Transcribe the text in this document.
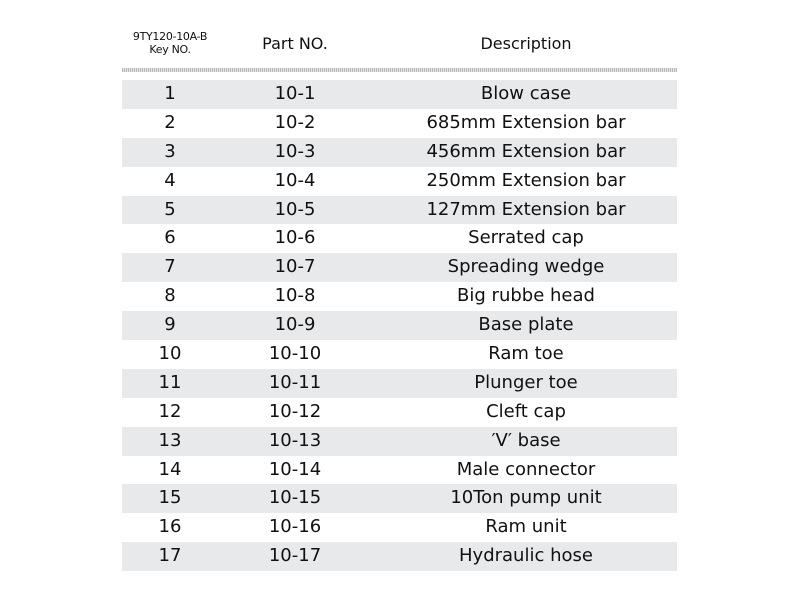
9TY120-10A-B
Key NO.	Part NO.	Description
1	10-1	Blow case
2	10-2	685mm Extension bar
3	10-3	456mm Extension bar
4	10-4	250mm Extension bar
5	10-5	127mm Extension bar
6	10-6	Serrated cap
7	10-7	Spreading wedge
8	10-8	Big rubbe head
9	10-9	Base plate
10	10-10	Ram toe
11	10-11	Plunger toe
12	10-12	Cleft cap
13	10-13	′V′ base
14	10-14	Male connector
15	10-15	10Ton pump unit
16	10-16	Ram unit
17	10-17	Hydraulic hose
